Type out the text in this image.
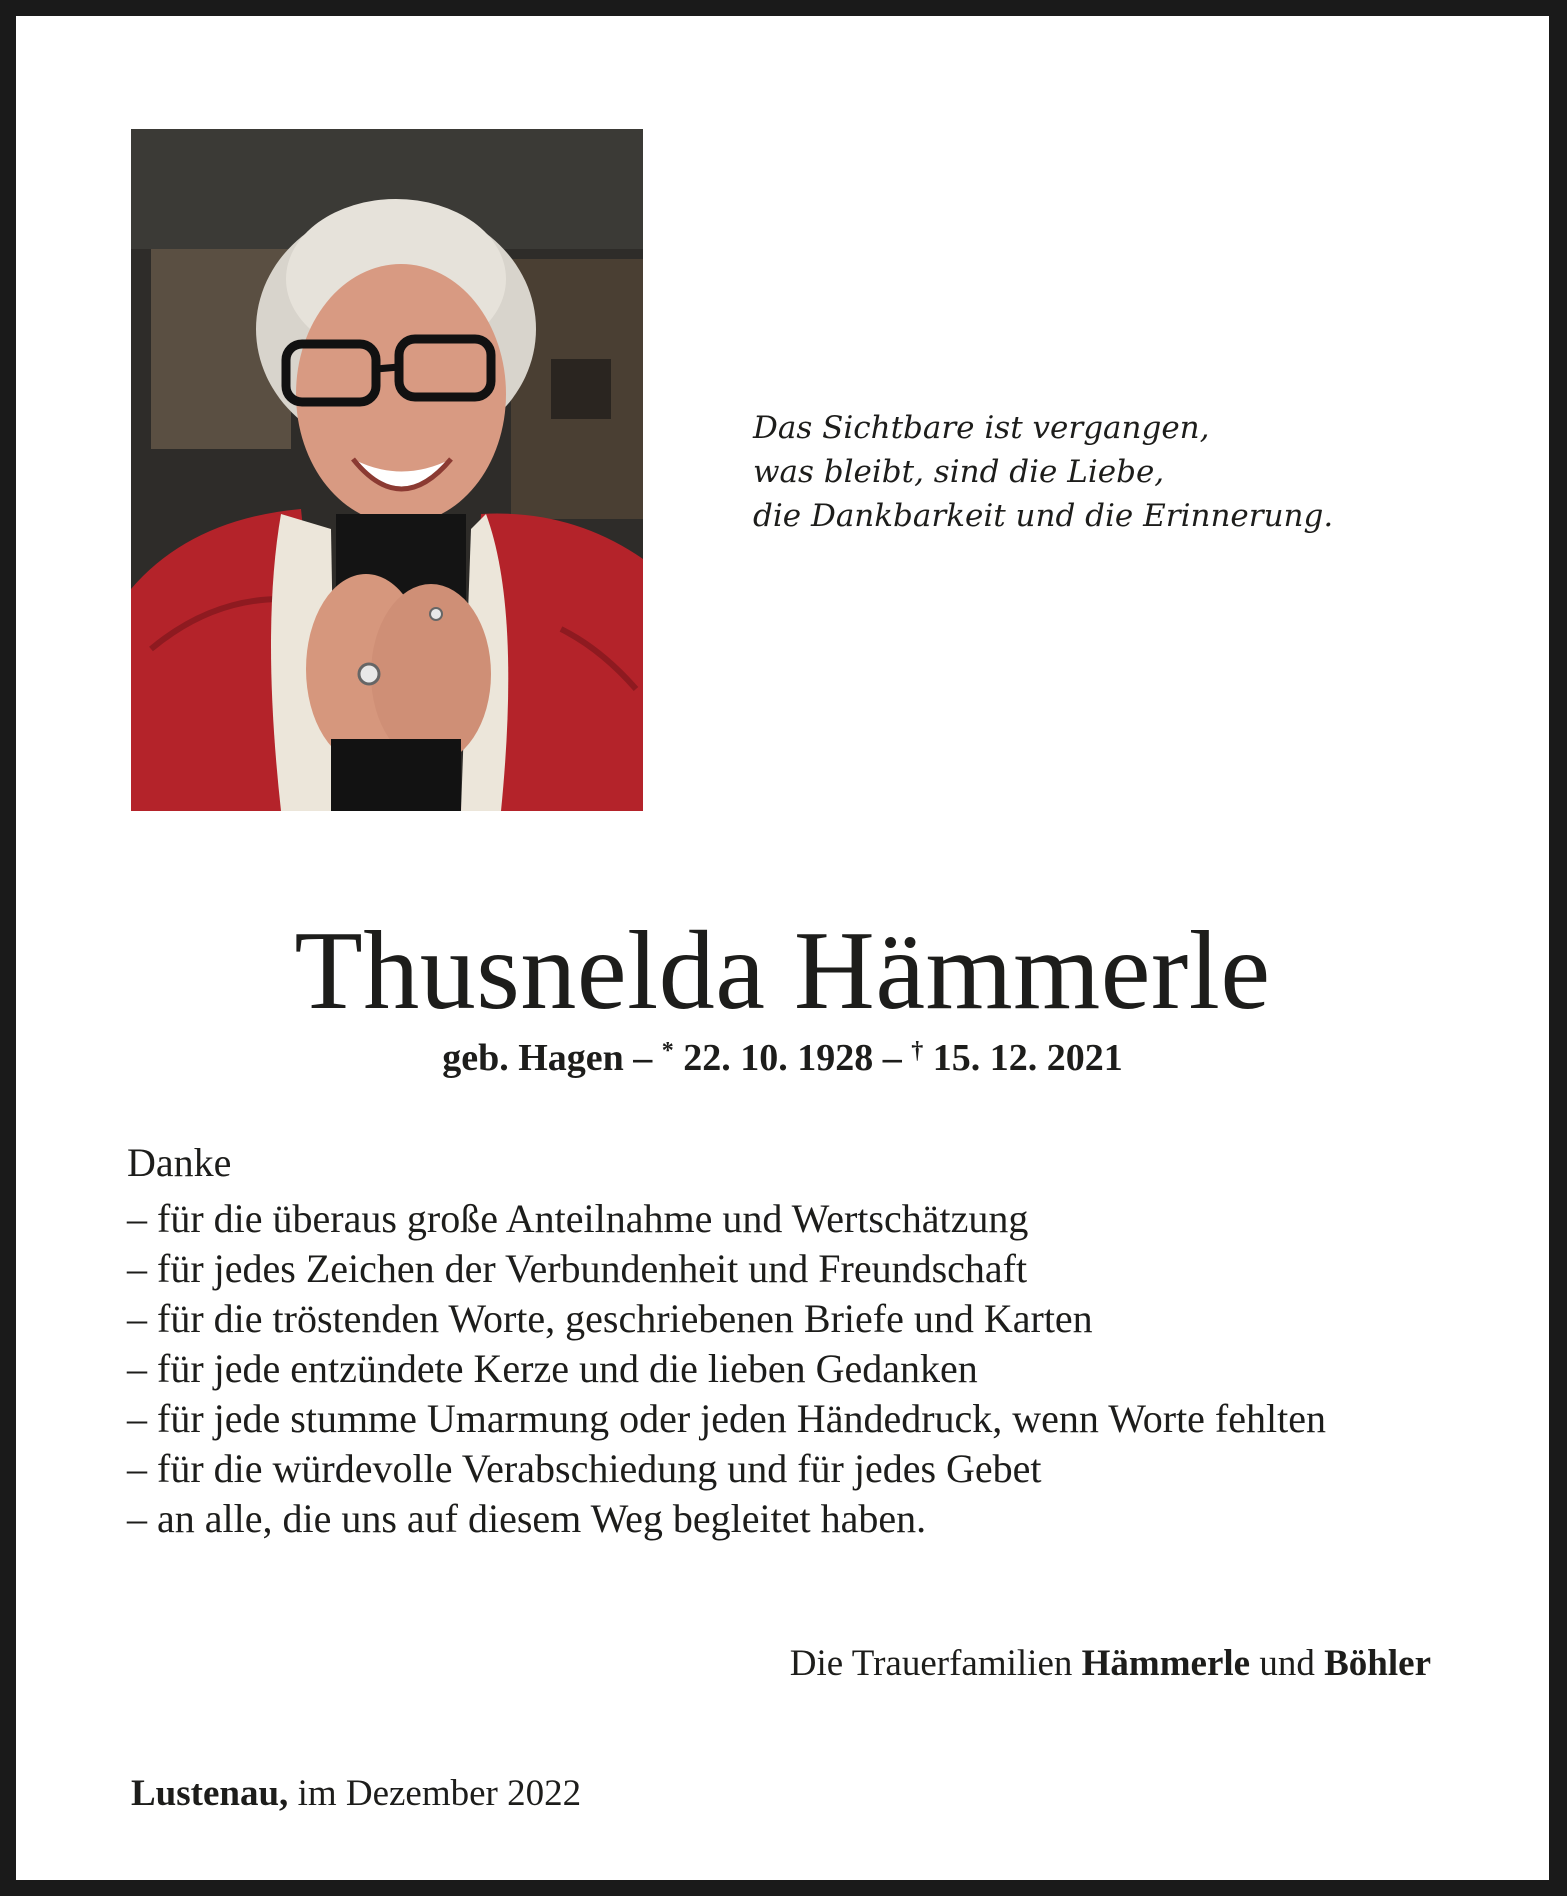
Das Sichtbare ist vergangen,
was bleibt, sind die Liebe,
die Dankbarkeit und die Erinnerung.
Thusnelda Hämmerle
geb. Hagen – * 22. 10. 1928 – † 15. 12. 2021
Danke
– für die überaus große Anteilnahme und Wertschätzung
– für jedes Zeichen der Verbundenheit und Freundschaft
– für die tröstenden Worte, geschriebenen Briefe und Karten
– für jede entzündete Kerze und die lieben Gedanken
– für jede stumme Umarmung oder jeden Händedruck, wenn Worte fehlten
– für die würdevolle Verabschiedung und für jedes Gebet
– an alle, die uns auf diesem Weg begleitet haben.
Die Trauerfamilien Hämmerle und Böhler
Lustenau, im Dezember 2022
